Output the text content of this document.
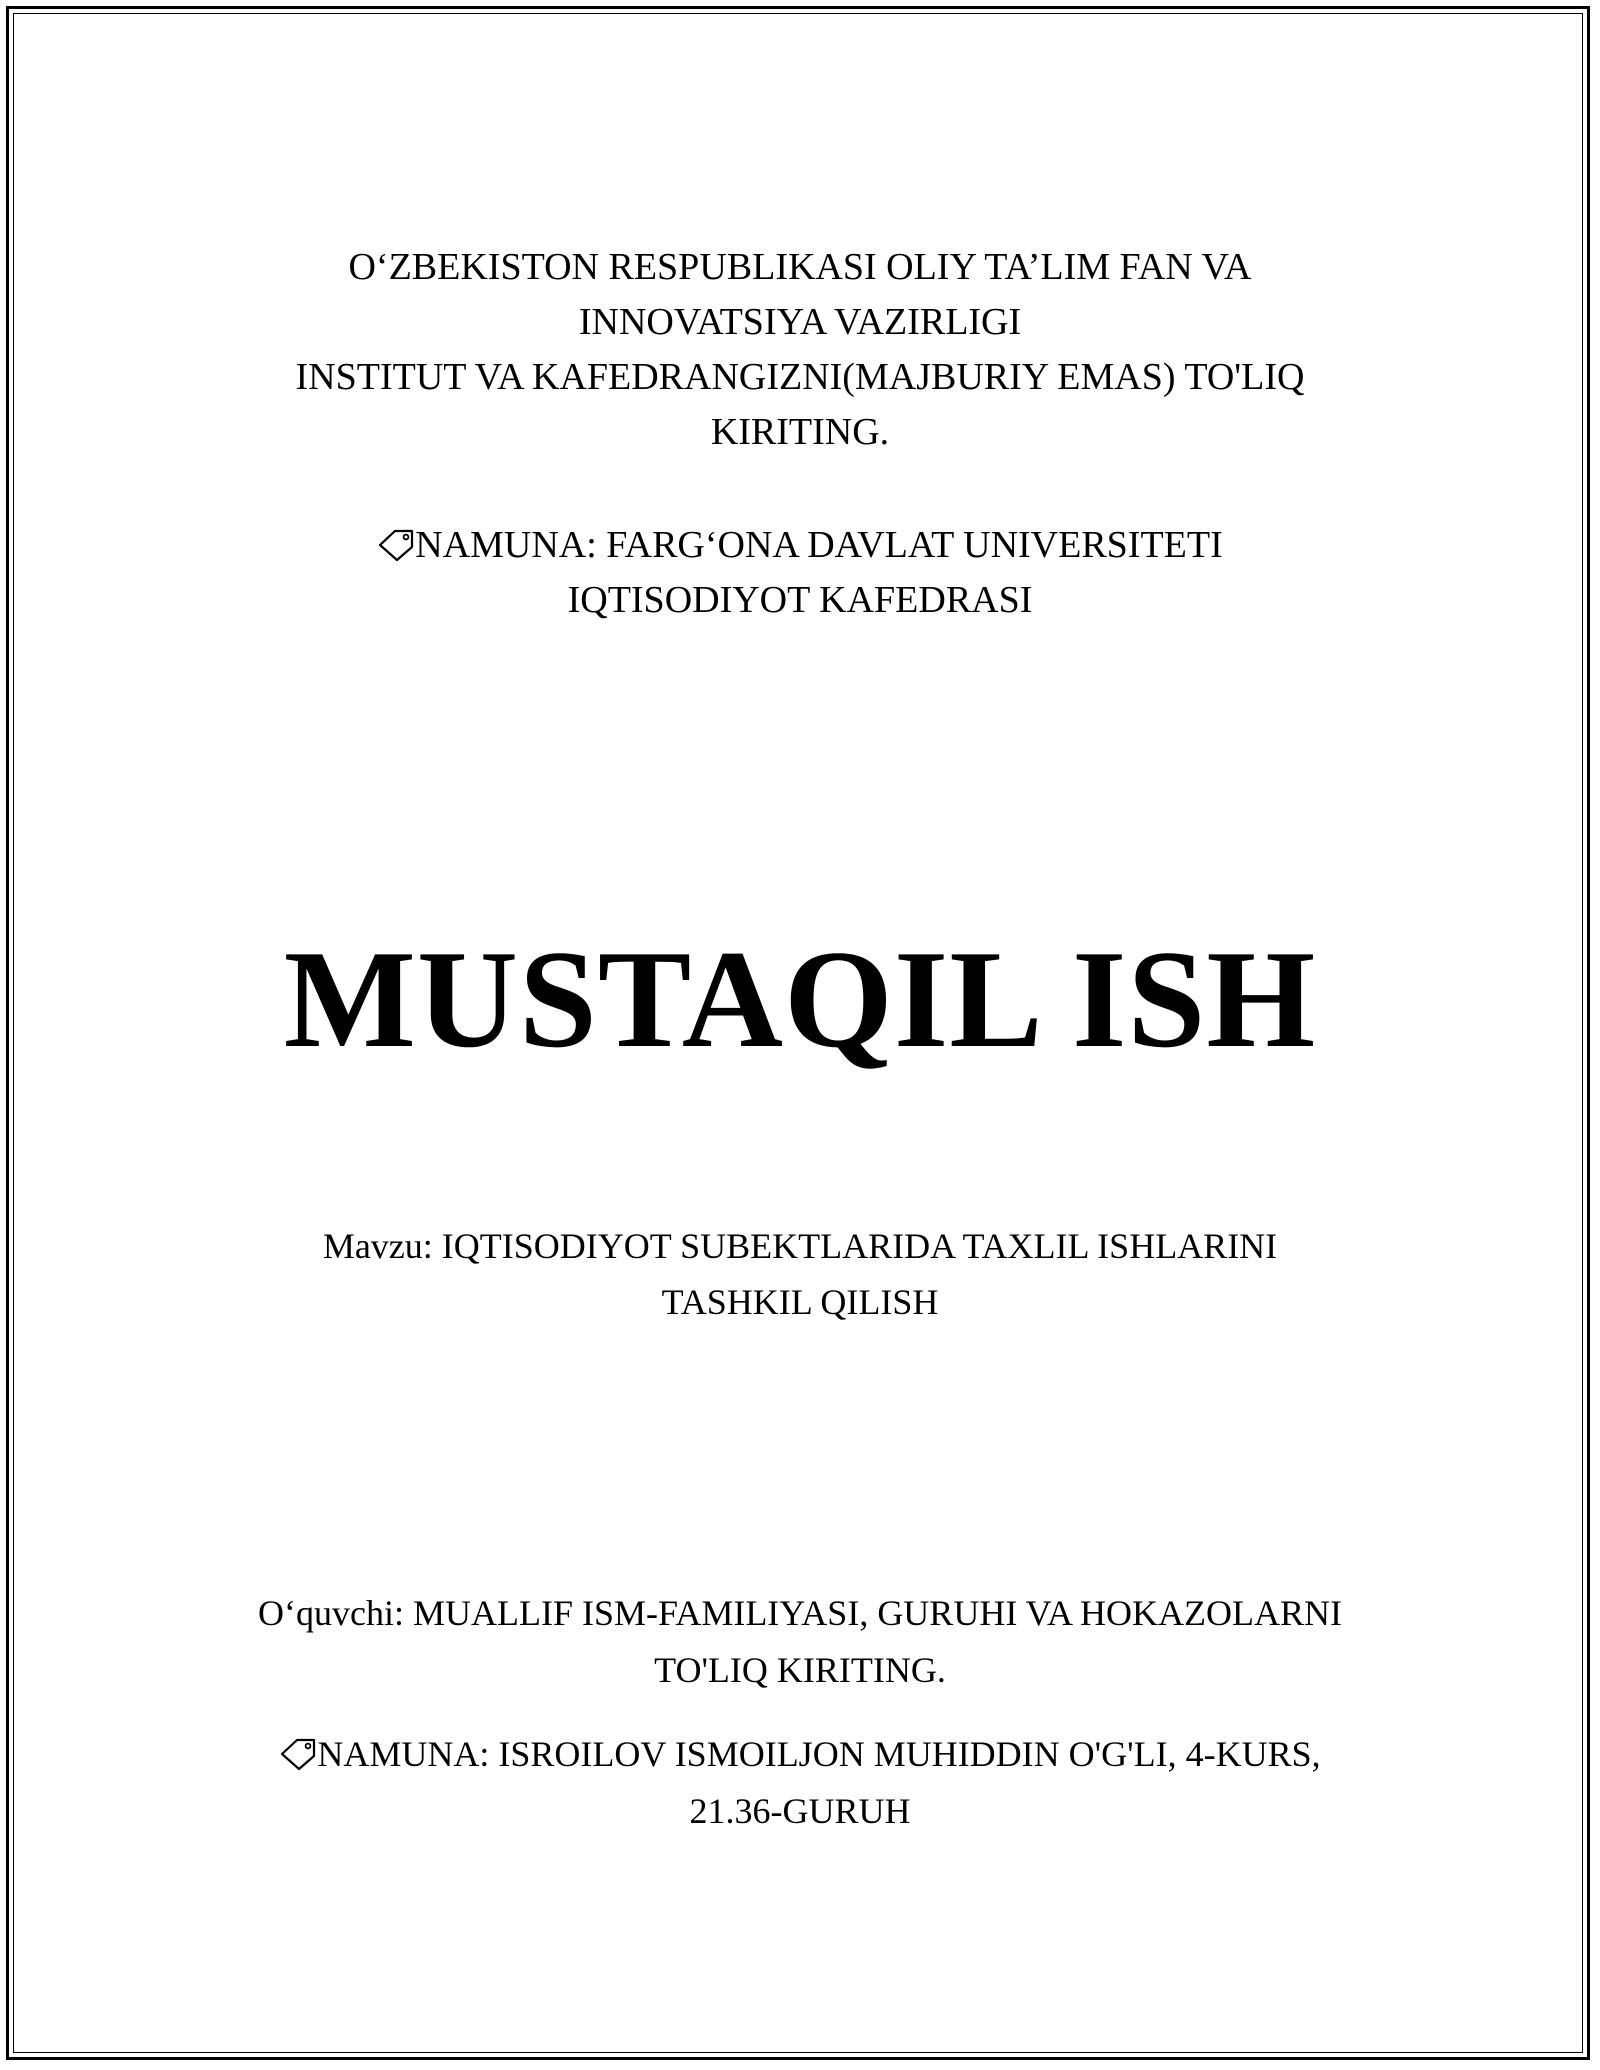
O‘ZBEKISTON RESPUBLIKASI OLIY TA’LIM FAN VA
INNOVATSIYA VAZIRLIGI
INSTITUT VA KAFEDRANGIZNI(MAJBURIY EMAS) TO'LIQ
KIRITING.
NAMUNA: FARG‘ONA DAVLAT UNIVERSITETI
IQTISODIYOT KAFEDRASI
MUSTAQIL ISH
Mavzu: IQTISODIYOT SUBEKTLARIDA TAXLIL ISHLARINI
TASHKIL QILISH
O‘quvchi: MUALLIF ISM-FAMILIYASI, GURUHI VA HOKAZOLARNI
TO'LIQ KIRITING.
NAMUNA: ISROILOV ISMOILJON MUHIDDIN O'G'LI, 4-KURS,
21.36-GURUH
